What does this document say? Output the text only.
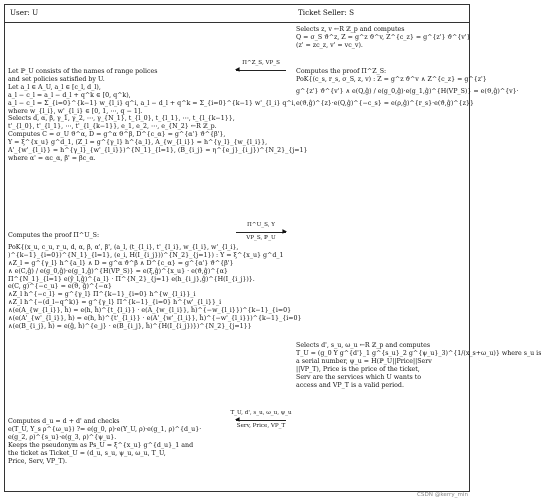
User: U	Ticket Seller: S
Selects z, v ←R ℤ_p and computes
Q = σ_S ϑ^z, Z = g^z ϑ^v, Z^{c_z} = g^{z'} ϑ^{v'}
(z' = zc_z, v' = vc_v).
Π^Z_S, VP_S
◀	Computes the proof Π^Z_S:
PoK{(c_s, r_s, σ_S, z, v) : Z = g^z ϑ^v ∧ Z^{c_z} = g^{z'}
g^{z'} ϑ^{v'} ∧ e(Q,ĝ) / e(g_0,ĝ)·e(g_1,ĝ)^{H(VP_S)} = e(ϑ,ĝ)^{v}·
e(ϑ,ĝ)^{z}·e(Q,ĝ)^{−c_s} = e(ρ,ĝ)^{r_s}·e(ϑ,ĝ)^{z}}
Let ℙ_U consists of the names of range polices
and set policies satisfied by U.
Let a_l ∈ A_U, a_l ∈ [c_l, d_l),
a_l − c_l = a_l − d_l + q^k ∈ [0, q^k),
a_l − c_l = Σ_{i=0}^{k−1} w_{l_i} q^i, a_l − d_l + q^k = Σ_{i=0}^{k−1} w'_{l_i} q^i,
where w_{l_i}, w'_{l_i} ∈ [0, 1, ⋯, q − 1].
Selects d, α, β, γ_1, γ_2, ⋯, γ_{N_1}, t_{l_0}, t_{l_1}, ⋯, t_{l_{k−1}},
t'_{l_0}, t'_{l_1}, ⋯, t'_{l_{k−1}}, e_1, e_2, ⋯, e_{N_2} ←R ℤ_p.
Computes C = σ_U ϑ^α, D = g^α ϑ^β, D^{c_α} = g^{α'} ϑ^{β'},
Y = ξ^{x_u} g^d_1, (Z_l = g^{γ_l} h^{a_l}, A_{w_{l_i}} = h^{γ_l}_{w_{l_i}},
A'_{w'_{l_i}} = h^{γ_l}_{w'_{l_i}})^{N_1}_{l=1}, (B_{i_j} = η^{e_j}_{i_j})^{N_2}_{j=1}
where α' = αc_α, β' = βc_α.
Π^U_S, Y
▶
VP_S, ℙ_U
Computes the proof Π^U_S:
PoK{(x_u, c_u, r_u, d, α, β, α', β', (a_l, (t_{l_i}, t'_{l_i}, w_{l_i}, w'_{l_i},
)^{k−1}_{i=0})^{N_1}_{l=1}, (e_i, H(I_{i_j}))^{N_2}_{j=1}) : Y = ξ^{x_u} g^d_1
∧Z_l = g^{γ_l} h^{a_l} ∧ D = g^α ϑ^β ∧ D^{c_α} = g^{α'} ϑ^{β'}
∧ e(C,ĝ) / e(g_0,ĝ)·e(g_1,ĝ)^{H(VP_S)} = e(ξ,ĝ)^{x_u} · e(ϑ,ĝ)^{α}
Π^{N_1}_{l=1} e(ŷ_l,ĝ)^{a_l} · Π^{N_2}_{j=1} e(h_{i_j},ĝ)^{H(I_{i_j})}.
e(C, g)^{−c_u} = e(ϑ, ĝ)^{−α}
∧Z_l h^{−c_l} = g^{γ_l} Π^{k−1}_{i=0} h^{w_{l_i}}_i
∧Z_l h^{−(d_l−q^k)} = g^{γ_l} Π^{k−1}_{i=0} h^{w'_{l_i}}_i
∧(e(A_{w_{l_i}}, ĥ) = e(h, ĥ)^{t_{l_i}} · e(A_{w_{l_i}}, ĥ)^{−w_{l_i}})^{k−1}_{i=0}
∧(e(A'_{w'_{l_i}}, ĥ) = e(h, ĥ)^{t'_{l_i}} · e(A'_{w'_{l_i}}, ĥ)^{−w'_{l_i}})^{k−1}_{i=0}
∧(e(B_{i_j}, ĥ) = e(ĝ, ĥ)^{e_j} · e(B_{i_j}, ĥ)^{H(I_{i_j})})^{N_2}_{j=1}}
Selects d', s_u, ω_u ←R ℤ_p and computes
T_U = (g_0 Y g^{d'}_1 g^{s_u}_2 g^{ψ_u}_3)^{1/(x_s+ω_u)} where s_u is
a serial number, ψ_u = H(ℙ_U||Price||Serv
||VP_T), Price is the price of the ticket,
Serv are the services which U wants to
access and VP_T is a valid period.
T_U, d', s_u, ω_u, ψ_u
◀
Serv, Price, VP_T
Computes d_u = d + d' and checks
e(T_U, Y_s ρ^{ω_u}) ?= e(g_0, ρ)·e(Y_U, ρ)·e(g_1, ρ)^{d_u}·
e(g_2, ρ)^{s_u}·e(g_3, ρ)^{ψ_u}.
Keeps the pseudonym as Ps_U = ξ^{x_u} g^{d_u}_1 and
the ticket as Ticket_U = (d_u, s_u, ψ_u, ω_u, T_U,
Price, Serv, VP_T).
CSDN @kerry_min
